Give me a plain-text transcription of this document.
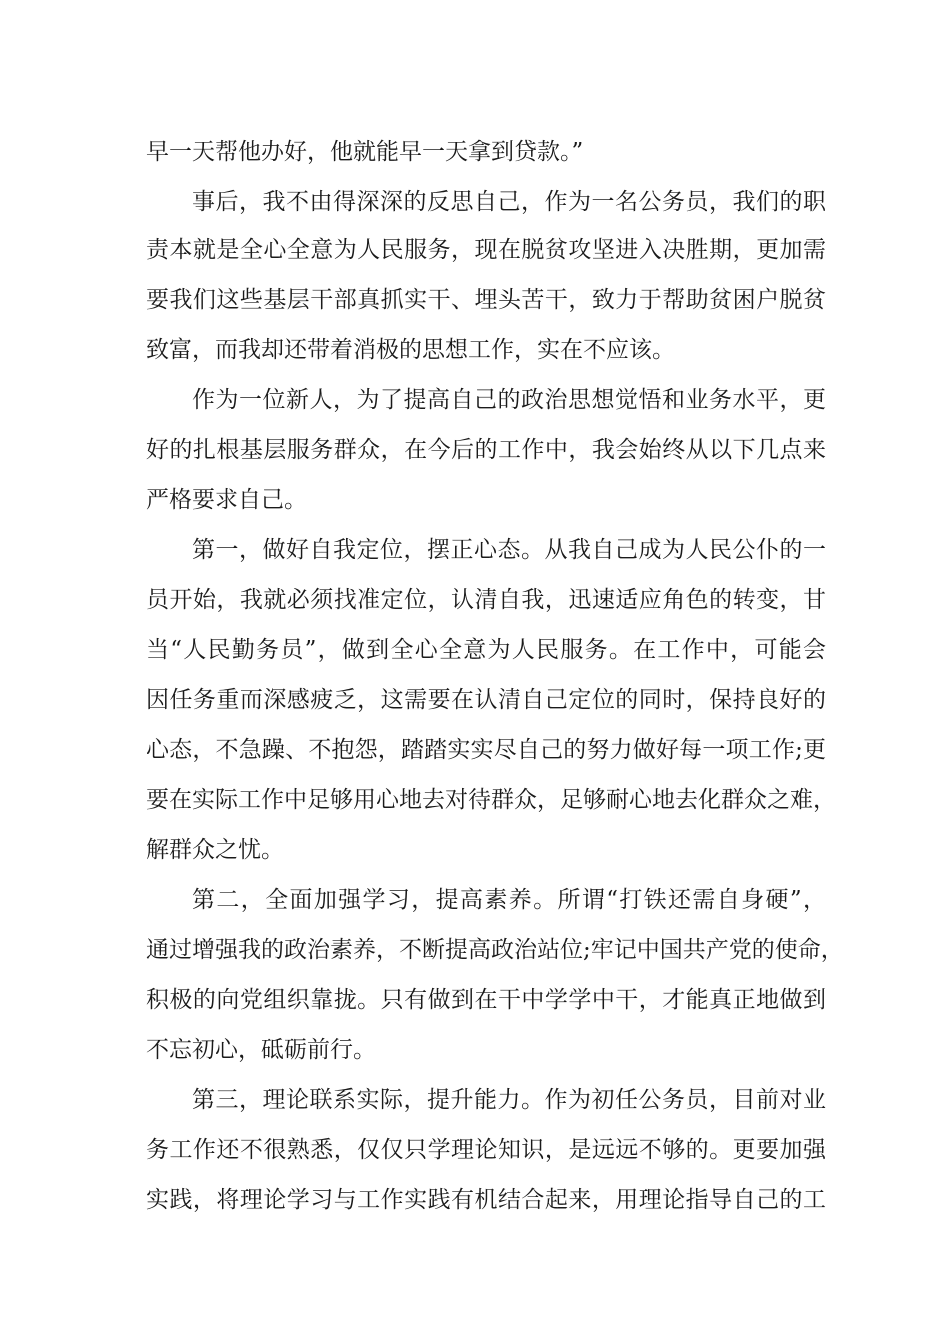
早一天帮他办好，他就能早一天拿到贷款。”
事后，我不由得深深的反思自己，作为一名公务员，我们的职
责本就是全心全意为人民服务，现在脱贫攻坚进入决胜期，更加需
要我们这些基层干部真抓实干、埋头苦干，致力于帮助贫困户脱贫
致富，而我却还带着消极的思想工作，实在不应该。
作为一位新人，为了提高自己的政治思想觉悟和业务水平，更
好的扎根基层服务群众，在今后的工作中，我会始终从以下几点来
严格要求自己。
第一，做好自我定位，摆正心态。从我自己成为人民公仆的一
员开始，我就必须找准定位，认清自我，迅速适应角色的转变，甘
当“人民勤务员”，做到全心全意为人民服务。在工作中，可能会
因任务重而深感疲乏，这需要在认清自己定位的同时，保持良好的
心态，不急躁、不抱怨，踏踏实实尽自己的努力做好每一项工作;更
要在实际工作中足够用心地去对待群众，足够耐心地去化群众之难，
解群众之忧。
第二，全面加强学习，提高素养。所谓“打铁还需自身硬”，
通过增强我的政治素养，不断提高政治站位;牢记中国共产党的使命，
积极的向党组织靠拢。只有做到在干中学学中干，才能真正地做到
不忘初心，砥砺前行。
第三，理论联系实际，提升能力。作为初任公务员，目前对业
务工作还不很熟悉，仅仅只学理论知识，是远远不够的。更要加强
实践，将理论学习与工作实践有机结合起来，用理论指导自己的工
